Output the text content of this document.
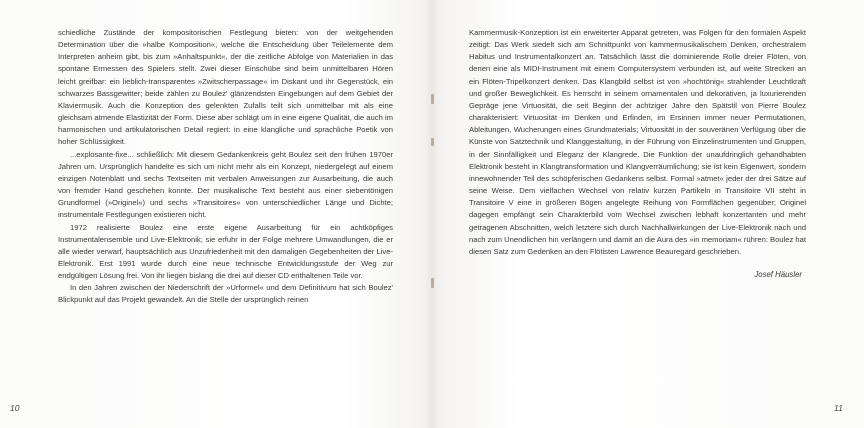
schiedliche Zustände der kompositorischen Festlegung bieten: von der weitgehenden Determination über die »halbe Komposition«, welche die Entscheidung über Teilelemente dem Interpreten anheim gibt, bis zum »Anhaltspunkt«, der die zeitliche Abfolge von Materialien in das spontane Ermessen des Spielers stellt. Zwei dieser Einschübe sind beim unmittelbaren Hören leicht greifbar: ein lieblich-transparentes »Zwitscherpassage« im Diskant und ihr Gegenstück, ein schwarzes Bassgewitter; beide zählen zu Boulez' glänzendsten Eingebungen auf dem Gebiet der Klaviermusik. Auch die Konzeption des gelenkten Zufalls teilt sich unmittelbar mit als eine gleichsam atmende Elastizität der Form. Diese aber schlägt um in eine eigene Qualität, die auch im harmonischen und artikulatorischen Detail regiert: in eine klangliche und sprachliche Poetik von hoher Schlüssigkeit.

...explosante-fixe... schließlich: Mit diesem Gedankenkreis geht Boulez seit den frühen 1970er Jahren um. Ursprünglich handelte es sich um nicht mehr als ein Konzept, niedergelegt auf einem einzigen Notenblatt und sechs Textseiten mit verbalen Anweisungen zur Ausarbeitung, die auch von fremder Hand geschehen konnte. Der musikalische Text besteht aus einer siebentönigen Grundformel (»Originel«) und sechs »Transitoires« von unterschiedlicher Länge und Dichte; instrumentale Festlegungen existieren nicht.

1972 realisierte Boulez eine erste eigene Ausarbeitung für ein achtköpfiges Instrumentalensemble und Live-Elektronik; sie erfuhr in der Folge mehrere Umwandlungen, die er alle wieder verwarf, hauptsächlich aus Unzufriedenheit mit den damaligen Gegebenheiten der Live-Elektronik. Erst 1991 wurde durch eine neue technische Entwicklungsstufe der Weg zur endgültigen Lösung frei. Von ihr liegen bislang die drei auf dieser CD enthaltenen Teile vor.

In den Jahren zwischen der Niederschrift der »Urformel« und dem Definitivum hat sich Boulez' Blickpunkt auf das Projekt gewandelt. An die Stelle der ursprünglich reinen

Kammermusik-Konzeption ist ein erweiterter Apparat getreten, was Folgen für den formalen Aspekt zeitigt: Das Werk siedelt sich am Schnittpunkt von kammermusikalischem Denken, orchestralem Habitus und Instrumentalkonzert an. Tatsächlich lässt die dominierende Rolle dreier Flöten, von denen eine als MIDI-Instrument mit einem Computersystem verbunden ist, auf weite Strecken an ein Flöten-Tripelkonzert denken. Das Klangbild selbst ist von »hochtönig« strahlender Leuchtkraft und großer Beweglichkeit. Es herrscht in seinem ornamentalen und dekorativen, ja luxurierenden Gepräge jene Virtuosität, die seit Beginn der achtziger Jahre den Spätstil von Pierre Boulez charakterisiert: Virtuosität im Denken und Erfinden, im Ersinnen immer neuer Permutationen, Ableitungen, Wucherungen eines Grundmaterials; Virtuosität in der souveränen Verfügung über die Künste von Satztechnik und Klanggestaltung, in der Führung von Einzelinstrumenten und Gruppen, in der Sinnfälligkeit und Eleganz der Klangrede. Die Funktion der unaufdringlich gehandhabten Elektronik besteht in Klangtransformation und Klangverräumlichung; sie ist kein Eigenwert, sondern innewohnender Teil des schöpferischen Gedankens selbst. Formal »atmet« jeder der drei Sätze auf seine Weise. Dem vielfachen Wechsel von relativ kurzen Partikeln in Transitoire VII steht in Transitoire V eine in größeren Bögen angelegte Reihung von Formflächen gegenüber; Originel dagegen empfängt sein Charakterbild vom Wechsel zwischen lebhaft konzertanten und mehr getragenen Abschnitten, welch letztere sich durch Nachhallwirkungen der Live-Elektronik nach und nach zum Unendlichen hin verlängern und damit an die Aura des »in memoriam« rühren: Boulez hat diesen Satz zum Gedenken an den Flötisten Lawrence Beauregard geschrieben.

Josef Häusler

10	11
